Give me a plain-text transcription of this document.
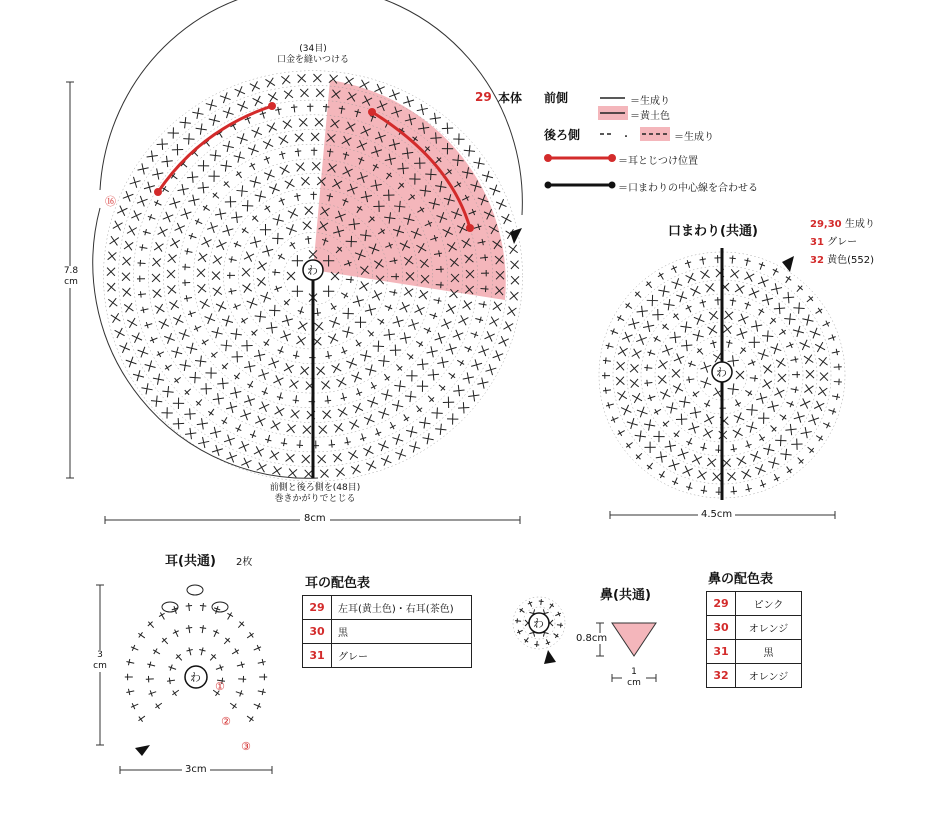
(34目)
口金を縫いつける
7.8
cm
8cm
前側と後ろ側を(48目)
巻きかがりでとじる
⑯
わ
29 本体 前側	＝生成り
＝黄土色
後ろ側	・	＝生成り
＝耳とじつけ位置
＝口まわりの中心線を合わせる
口まわり(共通)	29,30 生成り
31 グレー
32 黄色(552)
わ
4.5cm
耳(共通) 2枚
3
cm
3cm
わ
①
②
③
耳の配色表
29	左耳(黄土色)・右耳(茶色)
30	黒
31	グレー
鼻(共通)
わ
0.8cm
1
cm
鼻の配色表
29	ピンク
30	オレンジ
31	黒
32	オレンジ
